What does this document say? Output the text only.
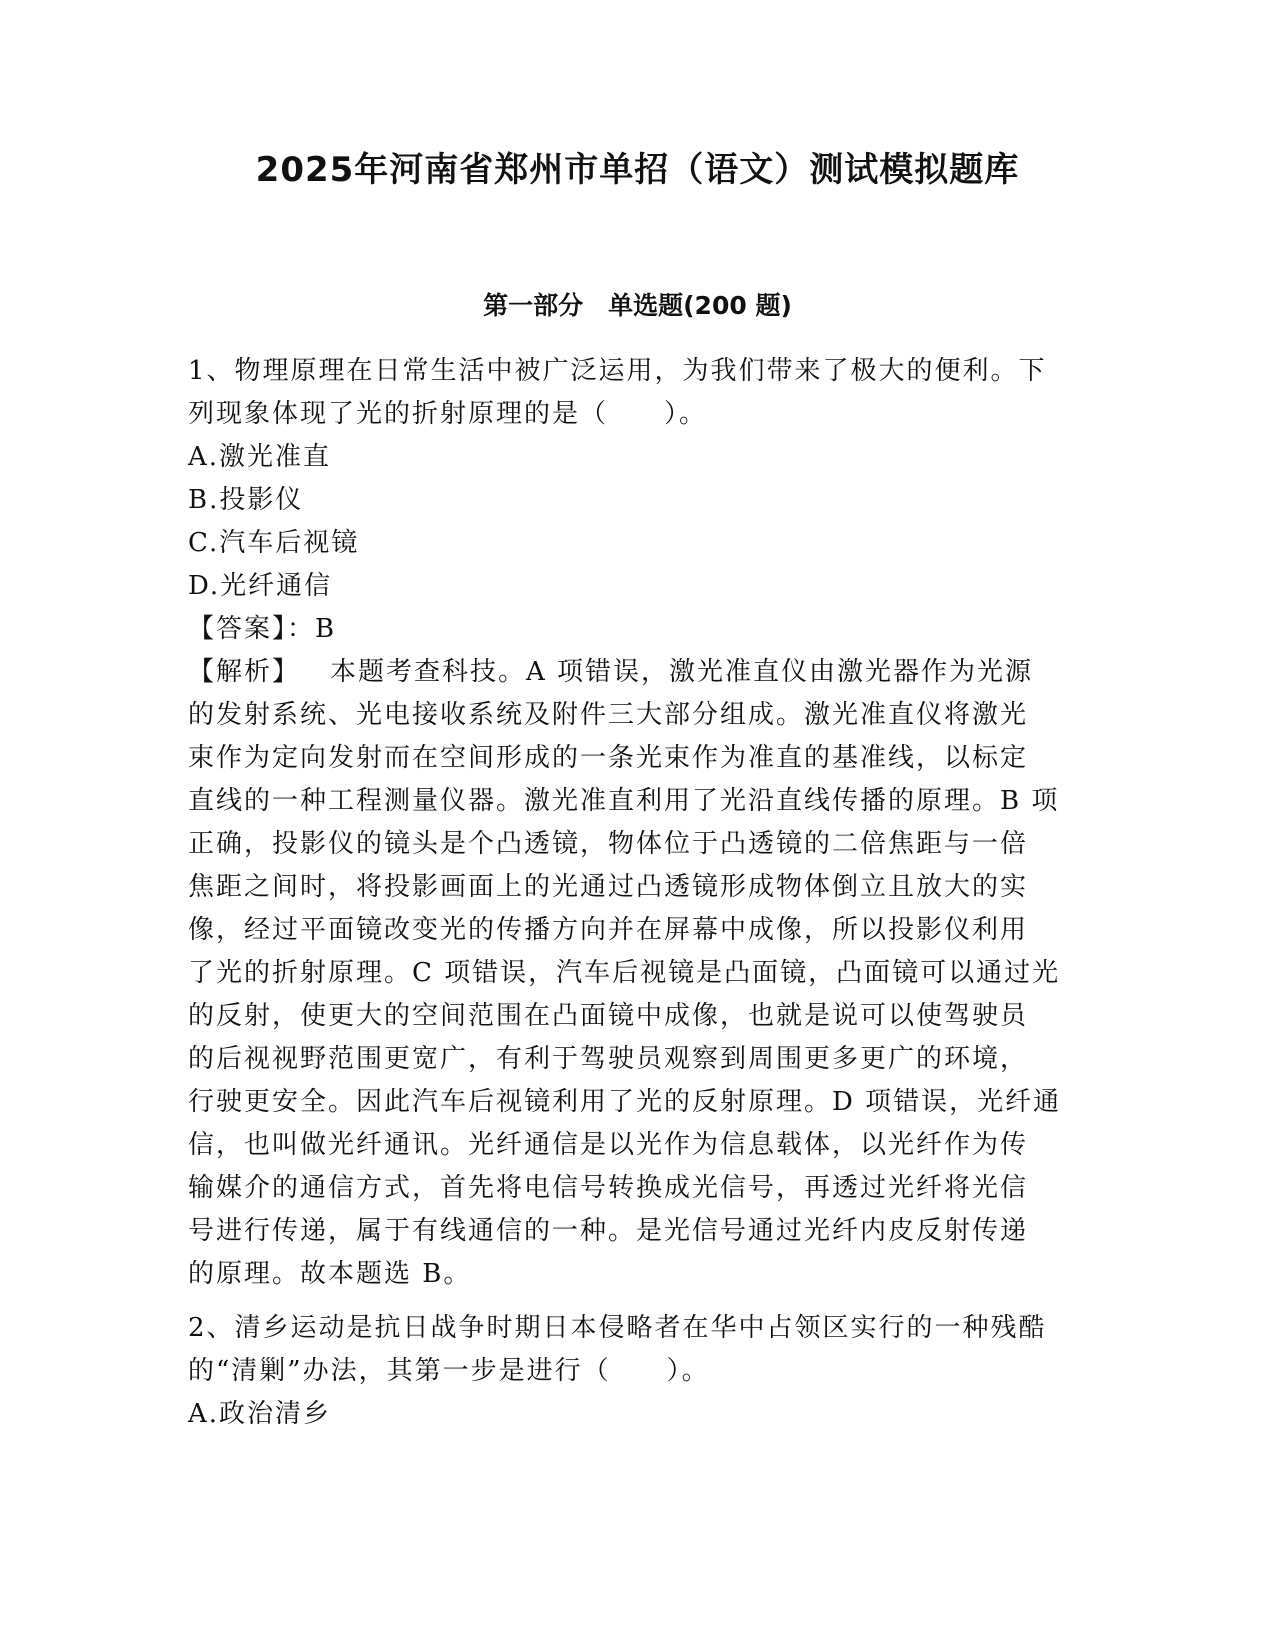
2025年河南省郑州市单招（语文）测试模拟题库
第一部分　单选题(200 题)

1、物理原理在日常生活中被广泛运用，为我们带来了极大的便利。下
列现象体现了光的折射原理的是（　　）。

A.激光准直

B.投影仪

C.汽车后视镜

D.光纤通信

【答案】：B

【解析】 本题考查科技。A 项错误，激光准直仪由激光器作为光源
的发射系统、光电接收系统及附件三大部分组成。激光准直仪将激光
束作为定向发射而在空间形成的一条光束作为准直的基准线，以标定
直线的一种工程测量仪器。激光准直利用了光沿直线传播的原理。B 项
正确，投影仪的镜头是个凸透镜，物体位于凸透镜的二倍焦距与一倍
焦距之间时，将投影画面上的光通过凸透镜形成物体倒立且放大的实
像，经过平面镜改变光的传播方向并在屏幕中成像，所以投影仪利用
了光的折射原理。C 项错误，汽车后视镜是凸面镜，凸面镜可以通过光
的反射，使更大的空间范围在凸面镜中成像，也就是说可以使驾驶员
的后视视野范围更宽广，有利于驾驶员观察到周围更多更广的环境，
行驶更安全。因此汽车后视镜利用了光的反射原理。D 项错误，光纤通
信，也叫做光纤通讯。光纤通信是以光作为信息载体，以光纤作为传
输媒介的通信方式，首先将电信号转换成光信号，再透过光纤将光信
号进行传递，属于有线通信的一种。是光信号通过光纤内皮反射传递
的原理。故本题选 B。

2、清乡运动是抗日战争时期日本侵略者在华中占领区实行的一种残酷
的“清剿”办法，其第一步是进行（　　）。

A.政治清乡
